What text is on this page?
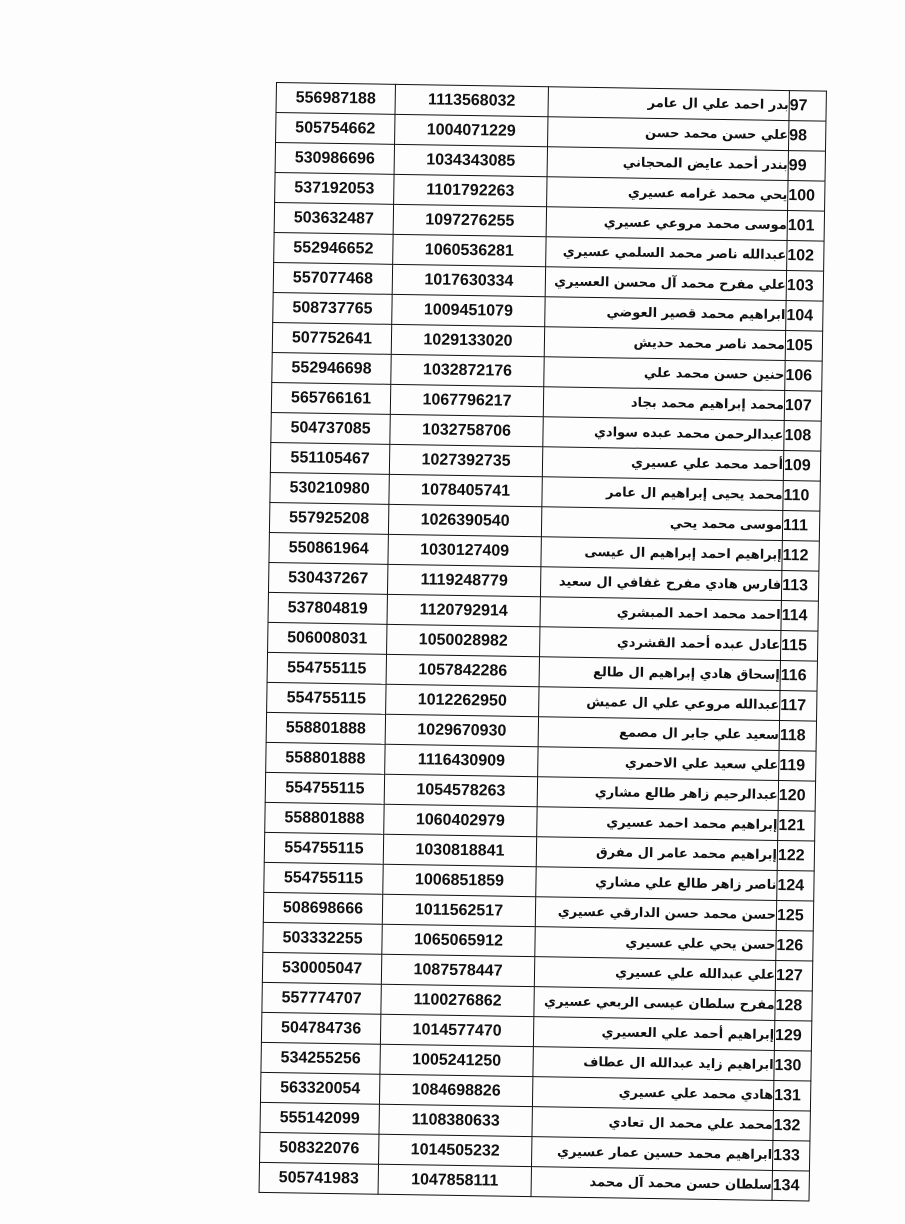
556987188	1113568032	بدر احمد علي ال عامر	97
505754662	1004071229	علي حسن محمد حسن	98
530986696	1034343085	بندر أحمد عايض المحجاني	99
537192053	1101792263	يحي محمد غرامه عسيري	100
503632487	1097276255	موسى محمد مروعي عسيري	101
552946652	1060536281	عبدالله ناصر محمد السلمي عسيري	102
557077468	1017630334	علي مفرح محمد آل محسن العسيري	103
508737765	1009451079	ابراهيم محمد قصير العوضي	104
507752641	1029133020	محمد ناصر محمد حديش	105
552946698	1032872176	حنين حسن محمد علي	106
565766161	1067796217	محمد إبراهيم محمد بجاد	107
504737085	1032758706	عبدالرحمن محمد عبده سوادي	108
551105467	1027392735	أحمد محمد علي عسيري	109
530210980	1078405741	محمد يحيى إبراهيم ال عامر	110
557925208	1026390540	موسى محمد يحي	111
550861964	1030127409	إبراهيم احمد إبراهيم ال عيسى	112
530437267	1119248779	فارس هادي مفرح غفافي ال سعيد	113
537804819	1120792914	احمد محمد احمد المبشري	114
506008031	1050028982	عادل عبده أحمد القشردي	115
554755115	1057842286	إسحاق هادي إبراهيم ال طالع	116
554755115	1012262950	عبدالله مروعي علي ال عميش	117
558801888	1029670930	سعيد علي جابر ال مصمع	118
558801888	1116430909	علي سعيد علي الاحمري	119
554755115	1054578263	عبدالرحيم زاهر طالع مشاري	120
558801888	1060402979	إبراهيم محمد احمد عسيري	121
554755115	1030818841	إبراهيم محمد عامر ال مفرق	122
554755115	1006851859	ناصر زاهر طالع علي مشاري	124
508698666	1011562517	حسن محمد حسن الدارقي عسيري	125
503332255	1065065912	حسن يحي علي عسيري	126
530005047	1087578447	علي عبدالله علي عسيري	127
557774707	1100276862	مفرح سلطان عيسى الربعي عسيري	128
504784736	1014577470	إبراهيم أحمد علي العسيري	129
534255256	1005241250	ابراهيم زايد عبدالله ال عطاف	130
563320054	1084698826	هادي محمد علي عسيري	131
555142099	1108380633	محمد علي محمد ال تعادي	132
508322076	1014505232	ابراهيم محمد حسين عمار عسيري	133
505741983	1047858111	سلطان حسن محمد آل محمد	134
